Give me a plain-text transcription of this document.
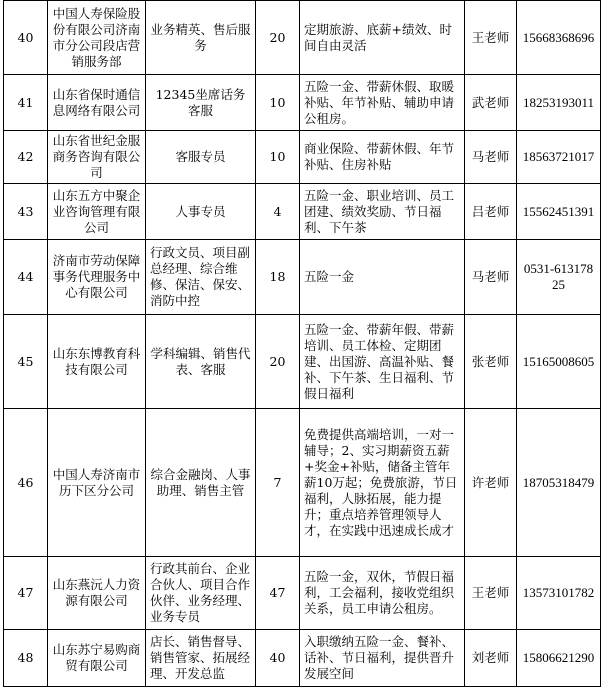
40	中国人寿保险股份有限公司济南市分公司段店营销服务部	业务精英、售后服务	20	定期旅游、底薪+绩效、时间自由灵活	王老师	15668368696
41	山东省保时通信息网络有限公司	12345坐席话务客服	10	五险一金、带薪休假、取暖补贴、年节补贴、辅助申请公租房。	武老师	18253193011
42	山东省世纪金服商务咨询有限公司	客服专员	10	商业保险、带薪休假、年节补贴、住房补贴	马老师	18563721017
43	山东五方中聚企业咨询管理有限公司	人事专员	4	五险一金、职业培训、员工团建、绩效奖励、节日福利、下午茶	吕老师	15562451391
44	济南市劳动保障事务代理服务中心有限公司	行政文员、项目副总经理、综合维修、保洁、保安、消防中控	18	五险一金	马老师	0531-61317825
45	山东东博教育科技有限公司	学科编辑、销售代表、客服	20	五险一金、带薪年假、带薪培训、员工体检、定期团建、出国游、高温补贴、餐补、下午茶、生日福利、节假日福利	张老师	15165008605
46	中国人寿济南市历下区分公司	综合金融岗、人事助理、销售主管	7	免费提供高端培训，一对一辅导；2、实习期薪资五薪+奖金+补贴，储备主管年薪10万起；免费旅游，节日福利，人脉拓展，能力提升；重点培养管理领导人才，在实践中迅速成长成才	许老师	18705318479
47	山东燕沅人力资源有限公司	行政其前台、企业合伙人、项目合作伙伴、业务经理、业务专员	47	五险一金，双休，节假日福利，工会福利，接收党组织关系，员工申请公租房。	王老师	13573101782
48	山东苏宁易购商贸有限公司	店长、销售督导、销售管家、拓展经理、开发总监	40	入职缴纳五险一金、餐补、话补、节日福利，提供晋升发展空间	刘老师	15806621290
